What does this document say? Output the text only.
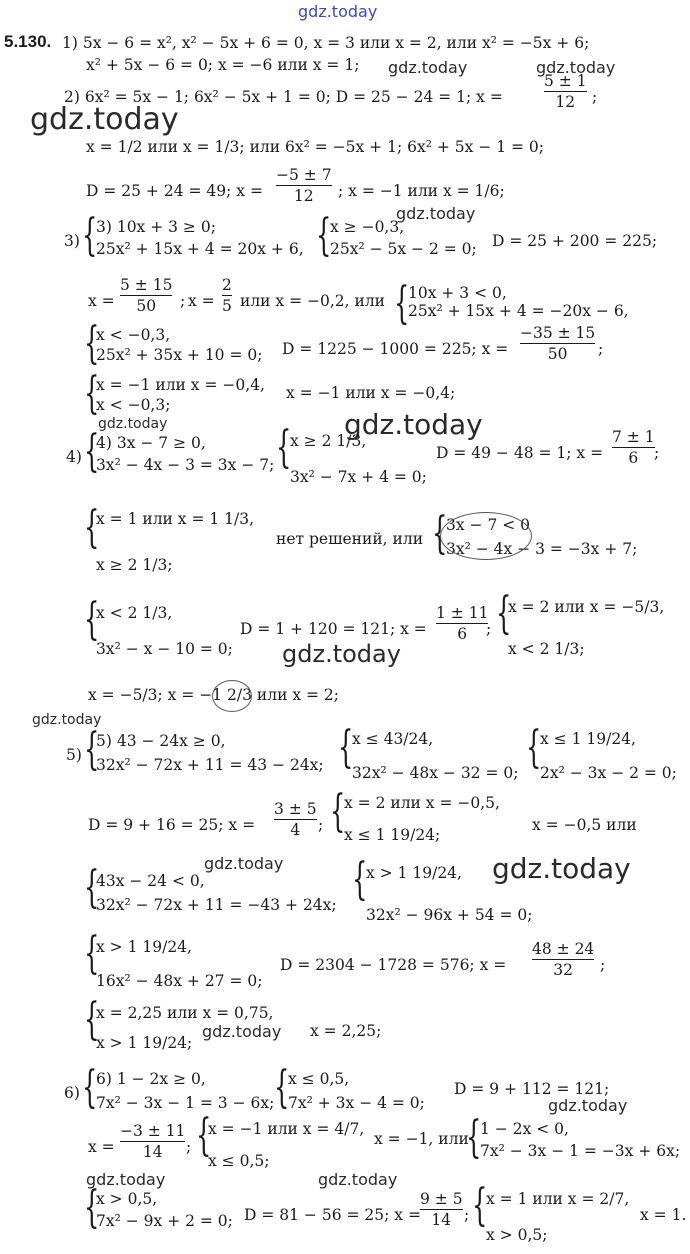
gdz.today
gdz.today	gdz.today
gdz.today
gdz.today
gdz.today	gdz.today
gdz.today
gdz.today
gdz.today	gdz.today
gdz.today
gdz.today
gdz.today	gdz.today
5.130. 1) 5x − 6 = x², x² − 5x + 6 = 0, x = 3 или x = 2, или x² = −5x + 6;
x² + 5x − 6 = 0; x = −6 или x = 1;
2) 6x² = 5x − 1; 6x² − 5x + 1 = 0; D = 25 − 24 = 1; x =
5 ± 1
12	;
x = 1/2 или x = 1/3; или 6x² = −5x + 1; 6x² + 5x − 1 = 0;
D = 25 + 24 = 49; x =
−5 ± 7
12	; x = −1 или x = 1/6;
3) {
3) 10x + 3 ≥ 0;
25x² + 15x + 4 = 20x + 6, {
x ≥ −0,3,
25x² − 5x − 2 = 0; D = 25 + 200 = 225;
x =
5 ± 15
50	; x =
2
5 или x = −0,2, или {
10x + 3 < 0,
25x² + 15x + 4 = −20x − 6,
{
x < −0,3,
25x² + 35x + 10 = 0; D = 1225 − 1000 = 225; x =
−35 ± 15
50	;
{
x = −1 или x = −0,4,
x < −0,3;
x = −1 или x = −0,4;
4) {
4) 3x − 7 ≥ 0,
3x² − 4x − 3 = 3x − 7; {
x ≥ 2 1/3,
3x² − 7x + 4 = 0;
D = 49 − 48 = 1; x =
7 ± 1
6	;
{
x = 1 или x = 1 1/3,
x ≥ 2 1/3;
нет решений, или {
3x − 7 < 0
3x² − 4x − 3 = −3x + 7;
{
x < 2 1/3,
3x² − x − 10 = 0;
D = 1 + 120 = 121; x =
1 ± 11
6	; {
x = 2 или x = −5/3,
x < 2 1/3;
x = −5/3; x = −1 2/3 или x = 2;
5) {
5) 43 − 24x ≥ 0,
32x² − 72x + 11 = 43 − 24x; {
x ≤ 43/24,
32x² − 48x − 32 = 0; {
x ≤ 1 19/24,
2x² − 3x − 2 = 0;
D = 9 + 16 = 25; x =
3 ± 5
4	; {
x = 2 или x = −0,5,
x ≤ 1 19/24;
x = −0,5 или
{
43x − 24 < 0,
32x² − 72x + 11 = −43 + 24x; {
x > 1 19/24,
32x² − 96x + 54 = 0;
{
x > 1 19/24,
16x² − 48x + 27 = 0;
D = 2304 − 1728 = 576; x =
48 ± 24
32	;
{
x = 2,25 или x = 0,75,
x > 1 19/24;
x = 2,25;
6) {
6) 1 − 2x ≥ 0,
7x² − 3x − 1 = 3 − 6x; {
x ≤ 0,5,
7x² + 3x − 4 = 0;
D = 9 + 112 = 121;
x =
−3 ± 11
14	; {
x = −1 или x = 4/7,
x ≤ 0,5;
x = −1, или
{
1 − 2x < 0,
7x² − 3x − 1 = −3x + 6x;
{
x > 0,5,
7x² − 9x + 2 = 0; D = 81 − 56 = 25; x =
9 ± 5
14 ; {
x = 1 или x = 2/7,
x > 0,5;
x = 1.
